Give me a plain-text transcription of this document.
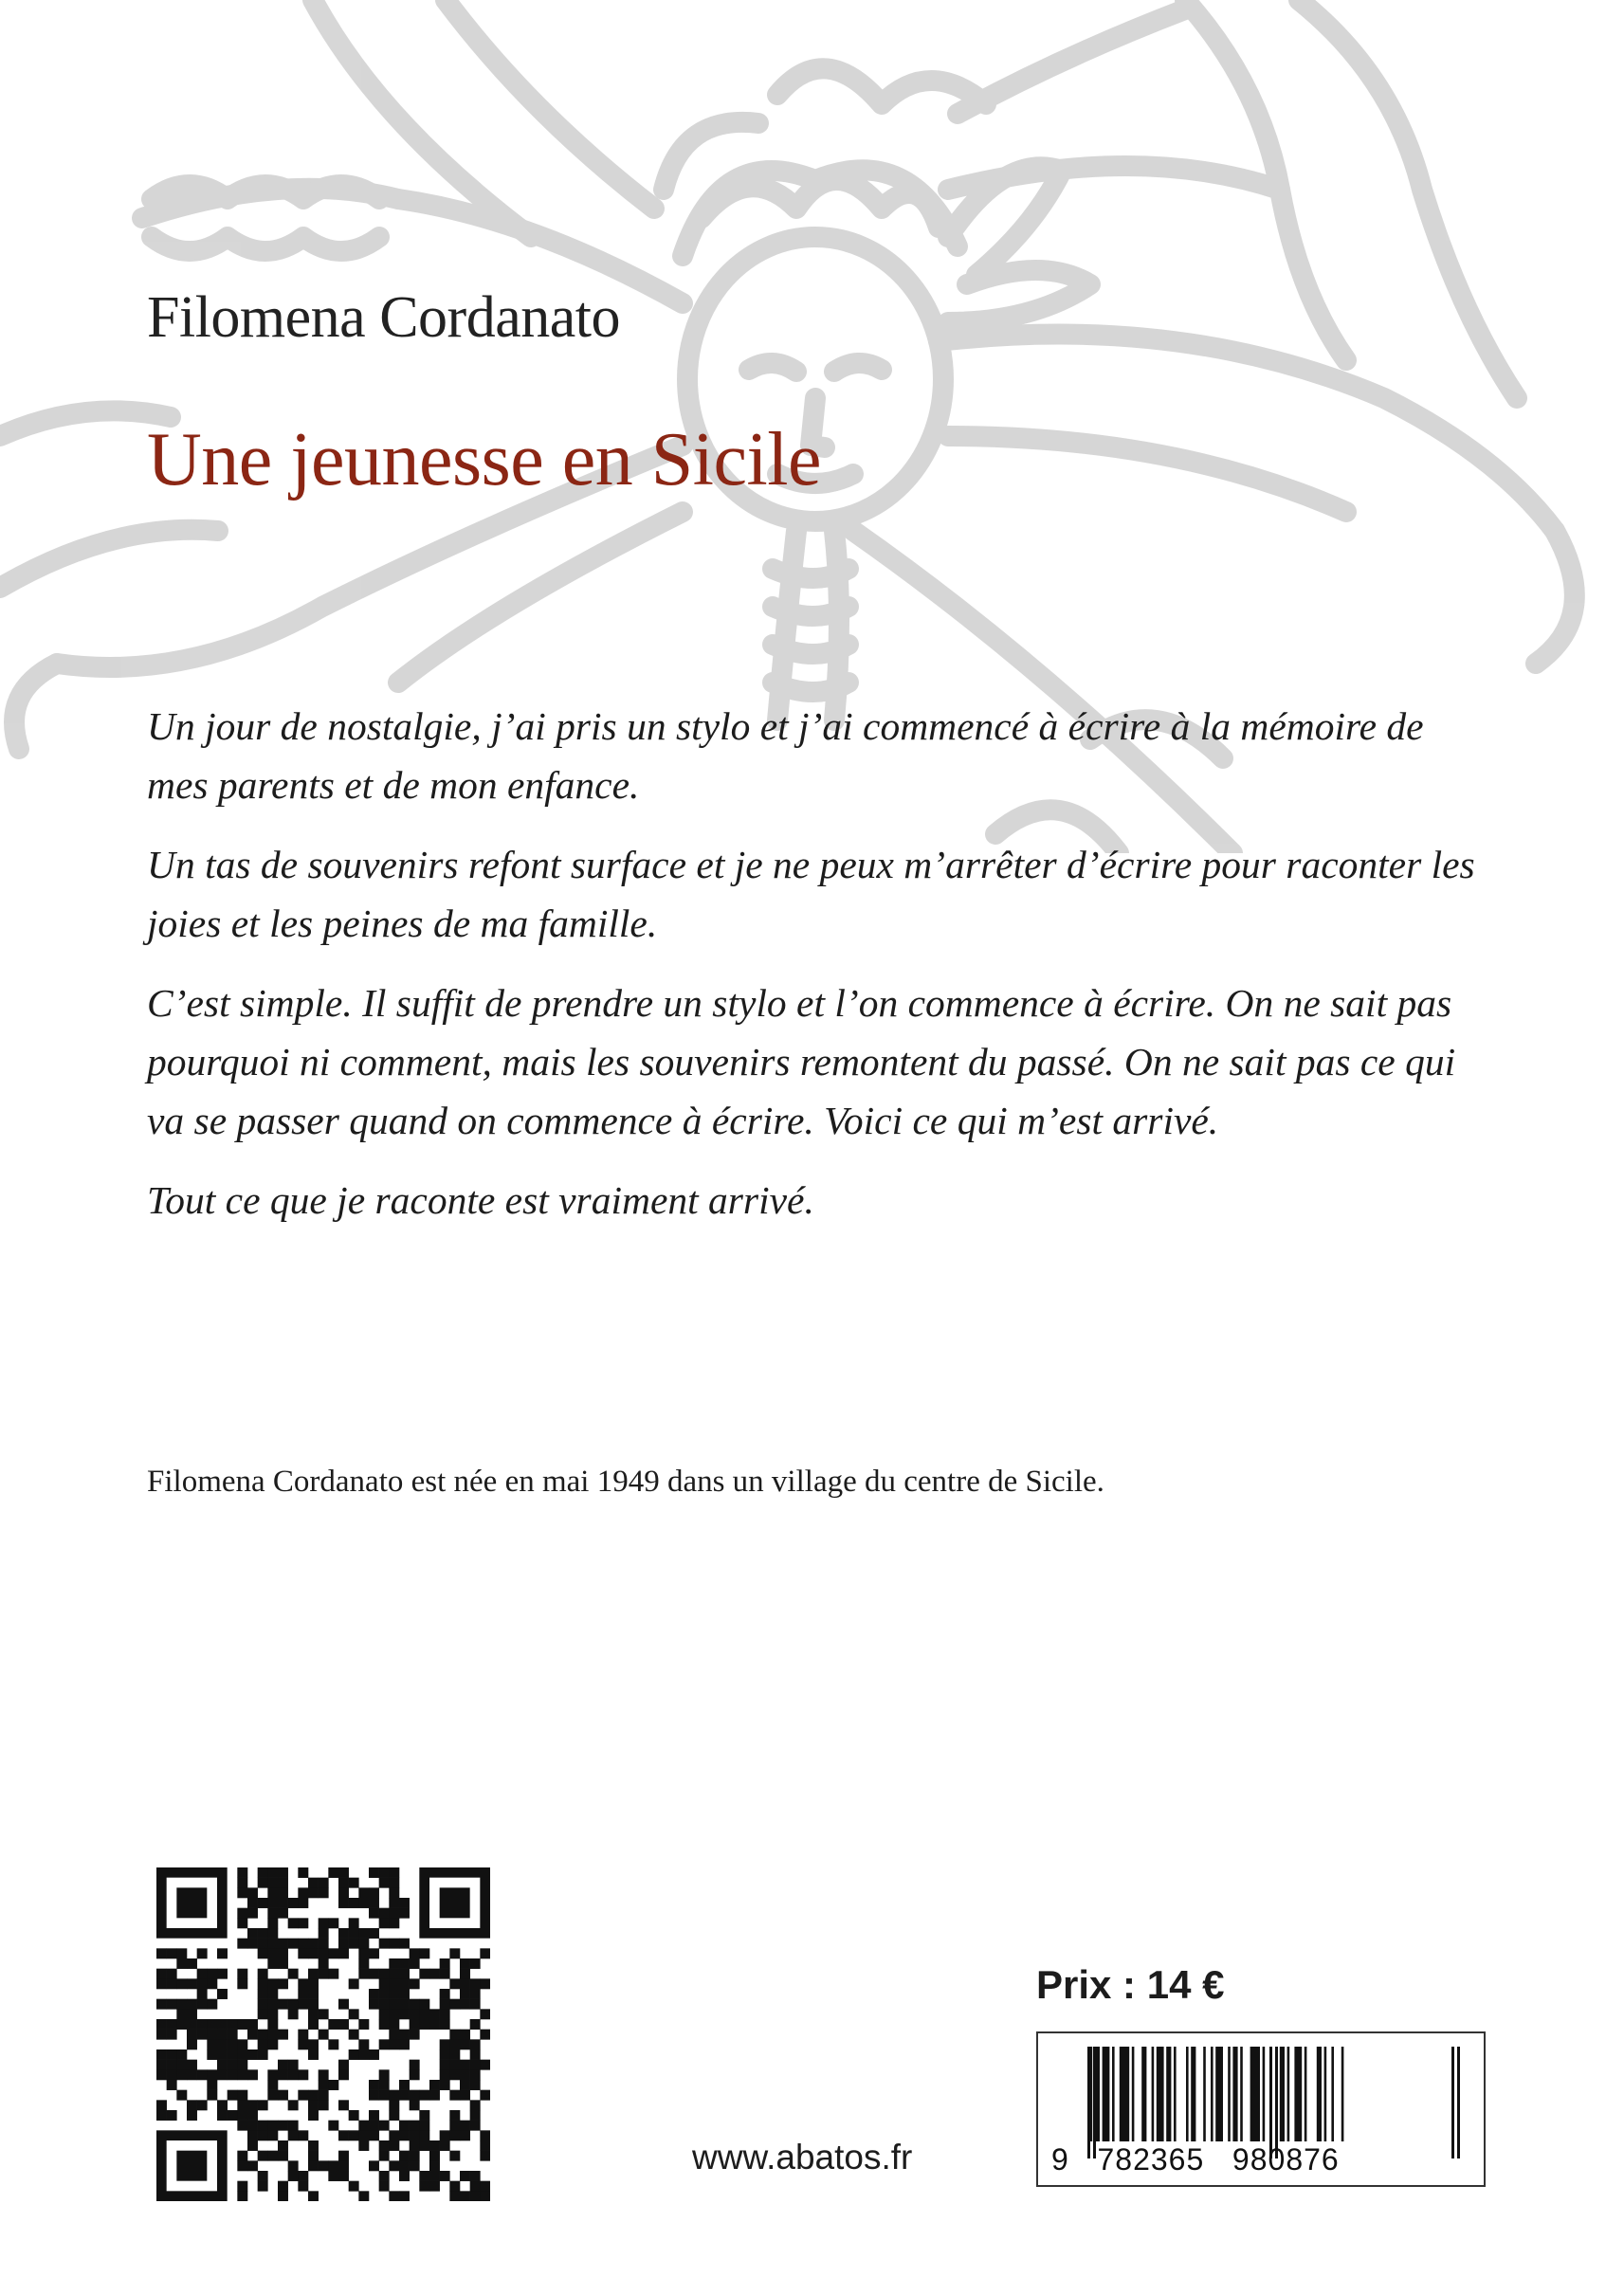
Filomena Cordanato
Une jeunesse en Sicile

Un jour de nostalgie, j’ai pris un stylo et j’ai commencé à écrire à la mémoire de mes parents et de mon enfance.

Un tas de souvenirs refont surface et je ne peux m’arrêter d’écrire pour raconter les joies et les peines de ma famille.

C’est simple. Il suffit de prendre un stylo et l’on commence à écrire. On ne sait pas pourquoi ni comment, mais les souvenirs remontent du passé. On ne sait pas ce qui va se passer quand on commence à écrire. Voici ce qui m’est arrivé.

Tout ce que je raconte est vraiment arrivé.

Filomena Cordanato est née en mai 1949 dans un village du centre de Sicile.

www.abatos.fr

Prix : 14 €

9   782365   980876
